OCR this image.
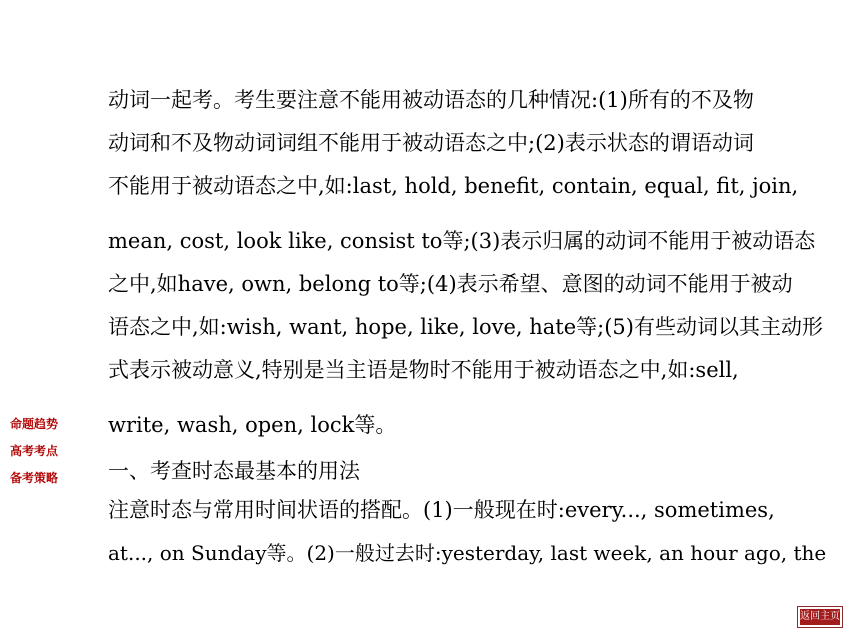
动词一起考。考生要注意不能用被动语态的几种情况:(1)所有的不及物
动词和不及物动词词组不能用于被动语态之中;(2)表示状态的谓语动词
不能用于被动语态之中,如:last, hold, benefit, contain, equal, fit, join,
mean, cost, look like, consist to等;(3)表示归属的动词不能用于被动语态
之中,如have, own, belong to等;(4)表示希望、意图的动词不能用于被动
语态之中,如:wish, want, hope, like, love, hate等;(5)有些动词以其主动形
式表示被动意义,特别是当主语是物时不能用于被动语态之中,如:sell,
write, wash, open, lock等。
一、考查时态最基本的用法
注意时态与常用时间状语的搭配。(1)一般现在时:every..., sometimes,
at..., on Sunday等。(2)一般过去时:yesterday, last week, an hour ago, the
命题趋势
高考考点
备考策略
返回主页
